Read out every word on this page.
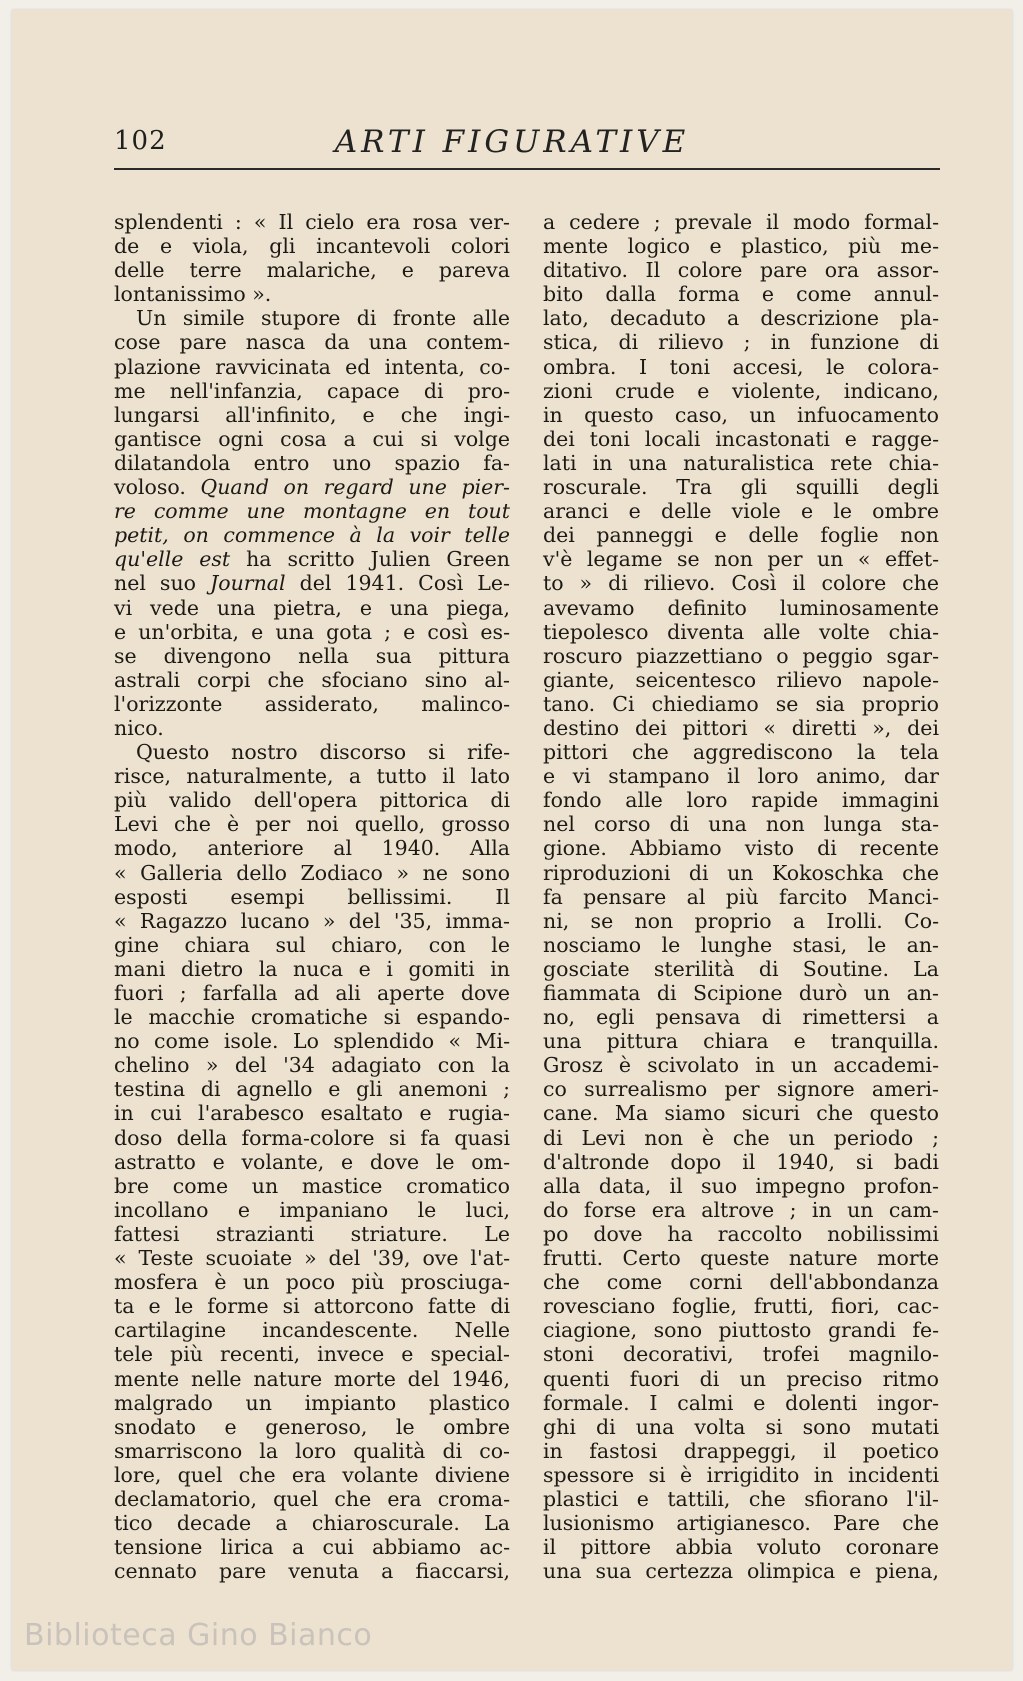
102	ARTI FIGURATIVE
splendenti : « Il cielo era rosa ver-
de e viola, gli incantevoli colori
delle terre malariche, e pareva
lontanissimo ».
Un simile stupore di fronte alle
cose pare nasca da una contem-
plazione ravvicinata ed intenta, co-
me nell'infanzia, capace di pro-
lungarsi all'infinito, e che ingi-
gantisce ogni cosa a cui si volge
dilatandola entro uno spazio fa-
voloso. Quand on regard une pier-
re comme une montagne en tout
petit, on commence à la voir telle
qu'elle est ha scritto Julien Green
nel suo Journal del 1941. Così Le-
vi vede una pietra, e una piega,
e un'orbita, e una gota ; e così es-
se divengono nella sua pittura
astrali corpi che sfociano sino al-
l'orizzonte assiderato, malinco-
nico.
Questo nostro discorso si rife-
risce, naturalmente, a tutto il lato
più valido dell'opera pittorica di
Levi che è per noi quello, grosso
modo, anteriore al 1940. Alla
« Galleria dello Zodiaco » ne sono
esposti esempi bellissimi. Il
« Ragazzo lucano » del '35, imma-
gine chiara sul chiaro, con le
mani dietro la nuca e i gomiti in
fuori ; farfalla ad ali aperte dove
le macchie cromatiche si espando-
no come isole. Lo splendido « Mi-
chelino » del '34 adagiato con la
testina di agnello e gli anemoni ;
in cui l'arabesco esaltato e rugia-
doso della forma-colore si fa quasi
astratto e volante, e dove le om-
bre come un mastice cromatico
incollano e impaniano le luci,
fattesi strazianti striature. Le
« Teste scuoiate » del '39, ove l'at-
mosfera è un poco più prosciuga-
ta e le forme si attorcono fatte di
cartilagine incandescente. Nelle
tele più recenti, invece e special-
mente nelle nature morte del 1946,
malgrado un impianto plastico
snodato e generoso, le ombre
smarriscono la loro qualità di co-
lore, quel che era volante diviene
declamatorio, quel che era croma-
tico decade a chiaroscurale. La
tensione lirica a cui abbiamo ac-
cennato pare venuta a fiaccarsi,
a cedere ; prevale il modo formal-
mente logico e plastico, più me-
ditativo. Il colore pare ora assor-
bito dalla forma e come annul-
lato, decaduto a descrizione pla-
stica, di rilievo ; in funzione di
ombra. I toni accesi, le colora-
zioni crude e violente, indicano,
in questo caso, un infuocamento
dei toni locali incastonati e ragge-
lati in una naturalistica rete chia-
roscurale. Tra gli squilli degli
aranci e delle viole e le ombre
dei panneggi e delle foglie non
v'è legame se non per un « effet-
to » di rilievo. Così il colore che
avevamo definito luminosamente
tiepolesco diventa alle volte chia-
roscuro piazzettiano o peggio sgar-
giante, seicentesco rilievo napole-
tano. Ci chiediamo se sia proprio
destino dei pittori « diretti », dei
pittori che aggrediscono la tela
e vi stampano il loro animo, dar
fondo alle loro rapide immagini
nel corso di una non lunga sta-
gione. Abbiamo visto di recente
riproduzioni di un Kokoschka che
fa pensare al più farcito Manci-
ni, se non proprio a Irolli. Co-
nosciamo le lunghe stasi, le an-
gosciate sterilità di Soutine. La
fiammata di Scipione durò un an-
no, egli pensava di rimettersi a
una pittura chiara e tranquilla.
Grosz è scivolato in un accademi-
co surrealismo per signore ameri-
cane. Ma siamo sicuri che questo
di Levi non è che un periodo ;
d'altronde dopo il 1940, si badi
alla data, il suo impegno profon-
do forse era altrove ; in un cam-
po dove ha raccolto nobilissimi
frutti. Certo queste nature morte
che come corni dell'abbondanza
rovesciano foglie, frutti, fiori, cac-
ciagione, sono piuttosto grandi fe-
stoni decorativi, trofei magnilo-
quenti fuori di un preciso ritmo
formale. I calmi e dolenti ingor-
ghi di una volta si sono mutati
in fastosi drappeggi, il poetico
spessore si è irrigidito in incidenti
plastici e tattili, che sfiorano l'il-
lusionismo artigianesco. Pare che
il pittore abbia voluto coronare
una sua certezza olimpica e piena,
Biblioteca Gino Bianco
